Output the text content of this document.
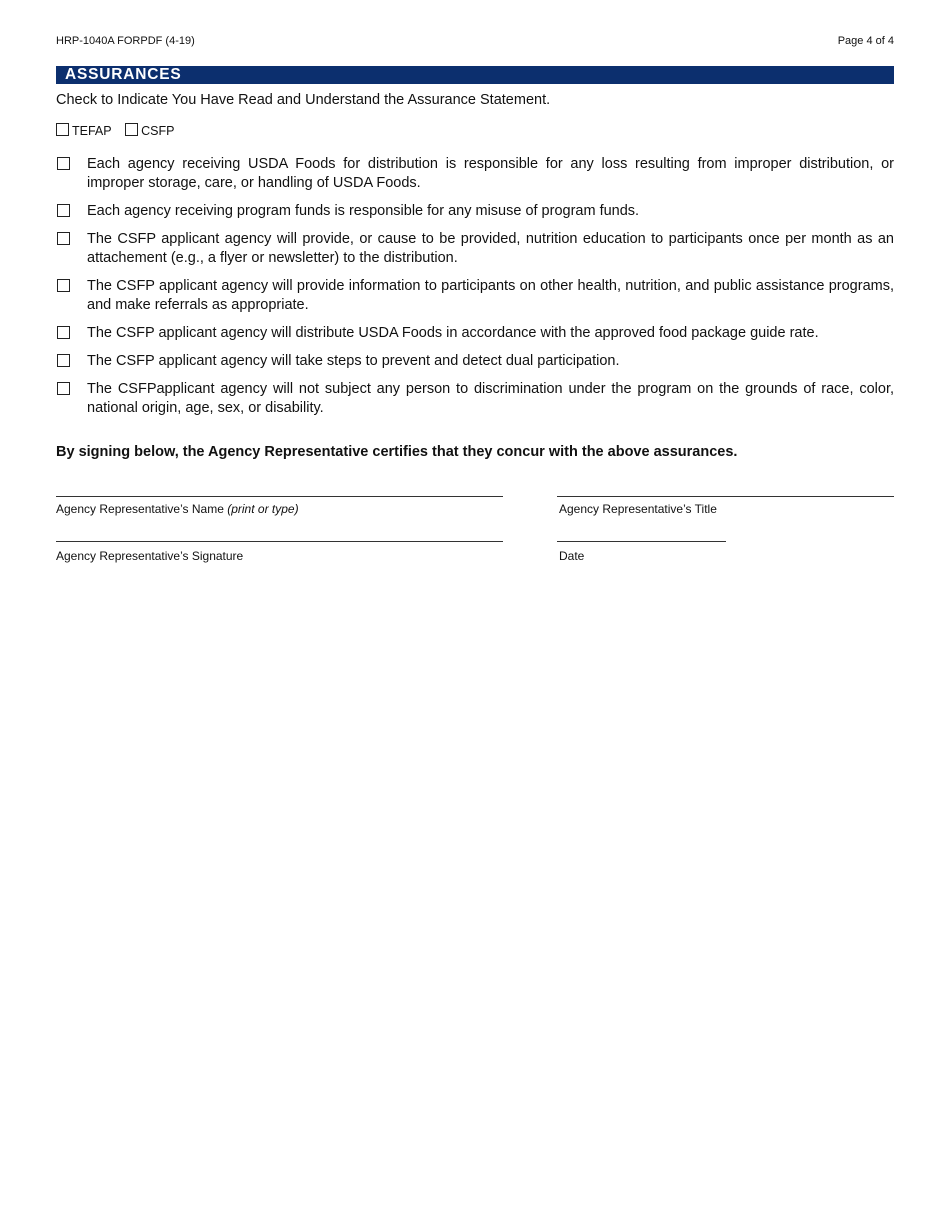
HRP-1040A FORPDF (4-19)	Page 4 of 4
ASSURANCES
Check to Indicate You Have Read and Understand the Assurance Statement.
TEFAP CSFP
Each agency receiving USDA Foods for distribution is responsible for any loss resulting from improper distribution, or improper storage, care, or handling of USDA Foods.
Each agency receiving program funds is responsible for any misuse of program funds.
The CSFP applicant agency will provide, or cause to be provided, nutrition education to participants once per month as an attachement (e.g., a flyer or newsletter) to the distribution.
The CSFP applicant agency will provide information to participants on other health, nutrition, and public assistance programs, and make referrals as appropriate.
The CSFP applicant agency will distribute USDA Foods in accordance with the approved food package guide rate.
The CSFP applicant agency will take steps to prevent and detect dual participation.
The CSFPapplicant agency will not subject any person to discrimination under the program on the grounds of race, color, national origin, age, sex, or disability.
By signing below, the Agency Representative certifies that they concur with the above assurances.
Agency Representative’s Name (print or type)	Agency Representative’s Title
Agency Representative’s Signature	Date
